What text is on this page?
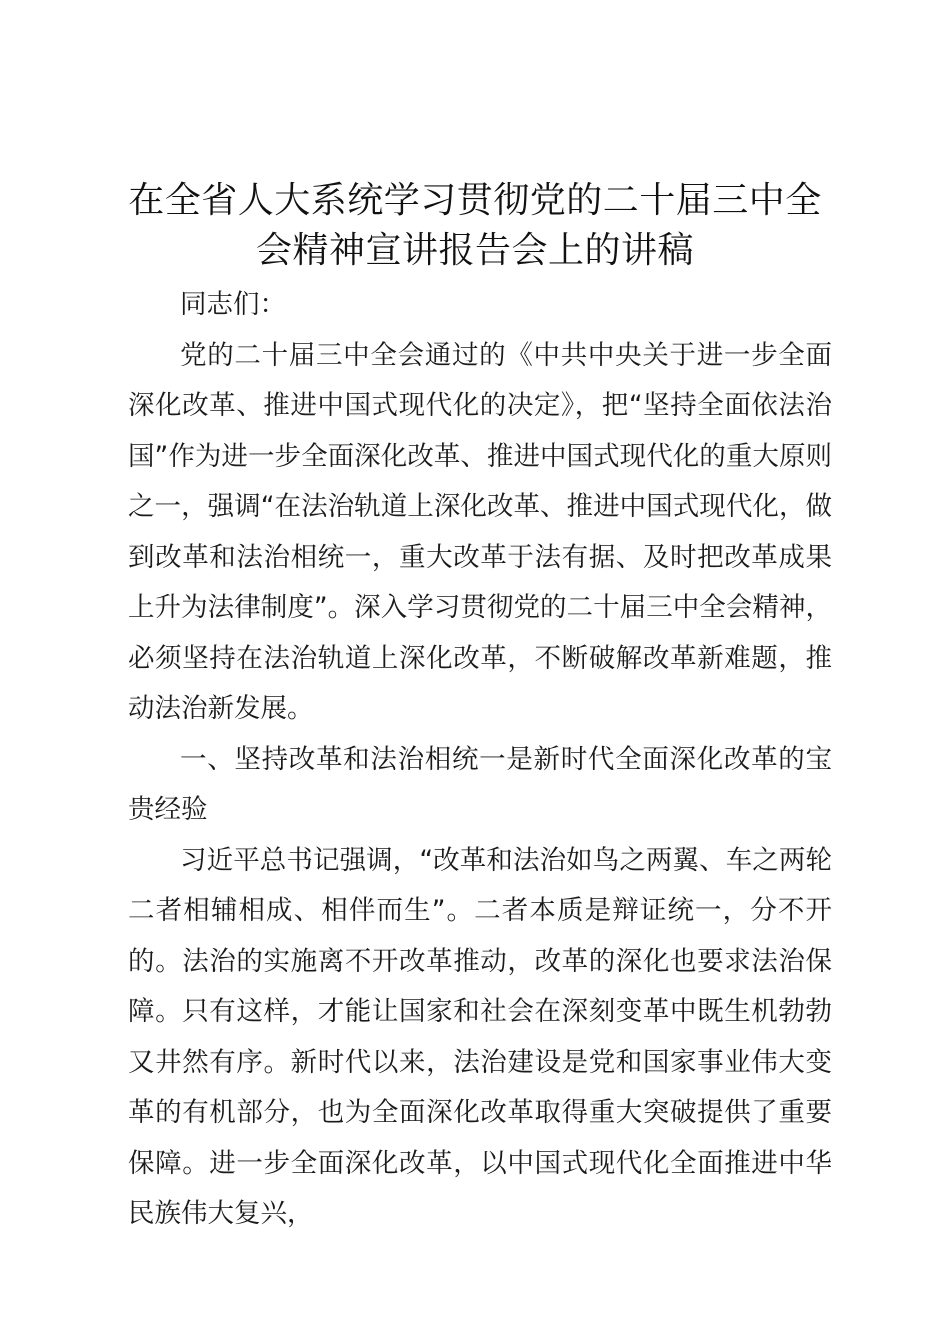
在全省人大系统学习贯彻党的二十届三中全会精神宣讲报告会上的讲稿

同志们：

党的二十届三中全会通过的《中共中央关于进一步全面深化改革、推进中国式现代化的决定》，把“坚持全面依法治国”作为进一步全面深化改革、推进中国式现代化的重大原则之一，强调“在法治轨道上深化改革、推进中国式现代化，做到改革和法治相统一，重大改革于法有据、及时把改革成果上升为法律制度”。深入学习贯彻党的二十届三中全会精神，必须坚持在法治轨道上深化改革，不断破解改革新难题，推动法治新发展。

一、坚持改革和法治相统一是新时代全面深化改革的宝贵经验

习近平总书记强调，“改革和法治如鸟之两翼、车之两轮二者相辅相成、相伴而生”。二者本质是辩证统一，分不开的。法治的实施离不开改革推动，改革的深化也要求法治保障。只有这样，才能让国家和社会在深刻变革中既生机勃勃又井然有序。新时代以来，法治建设是党和国家事业伟大变革的有机部分，也为全面深化改革取得重大突破提供了重要保障。进一步全面深化改革，以中国式现代化全面推进中华民族伟大复兴，
